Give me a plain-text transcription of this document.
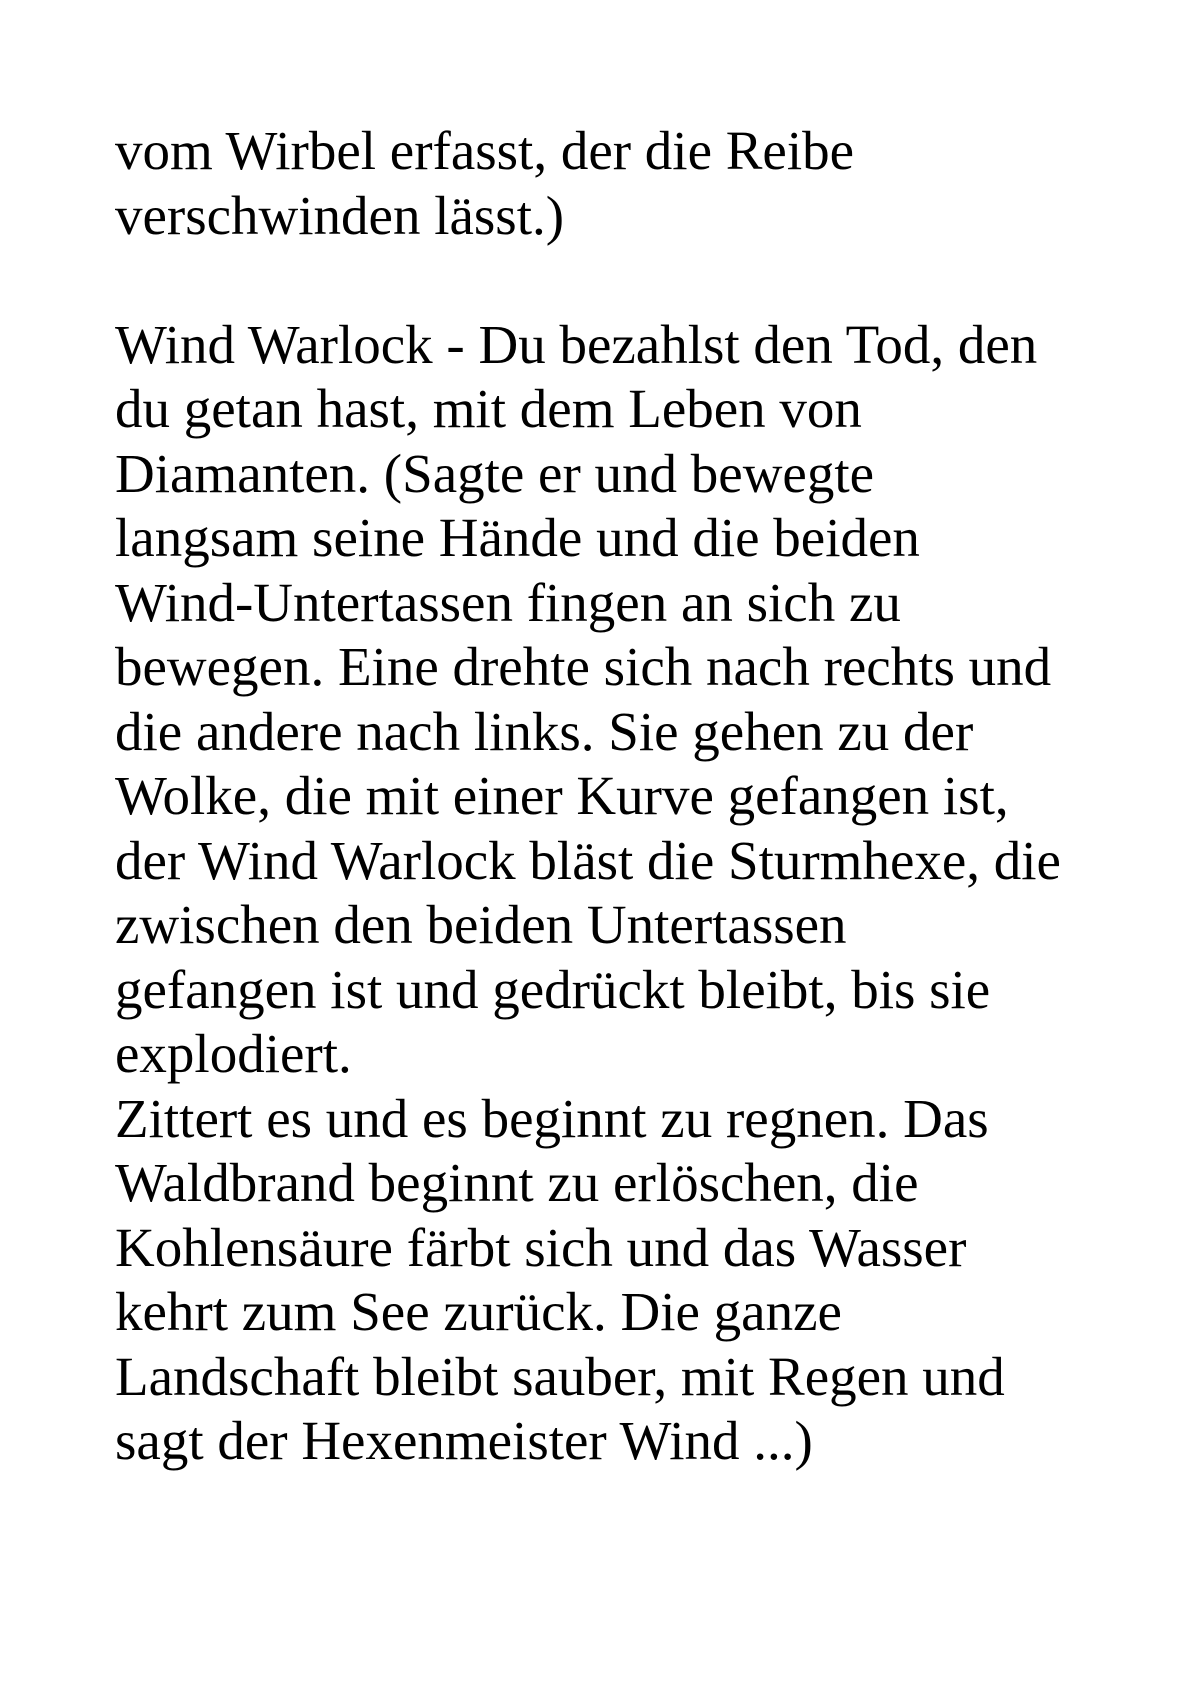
vom Wirbel erfasst, der die Reibe
verschwinden lässt.)
Wind Warlock - Du bezahlst den Tod, den
du getan hast, mit dem Leben von
Diamanten. (Sagte er und bewegte
langsam seine Hände und die beiden
Wind-Untertassen fingen an sich zu
bewegen. Eine drehte sich nach rechts und
die andere nach links. Sie gehen zu der
Wolke, die mit einer Kurve gefangen ist,
der Wind Warlock bläst die Sturmhexe, die
zwischen den beiden Untertassen
gefangen ist und gedrückt bleibt, bis sie
explodiert.
Zittert es und es beginnt zu regnen. Das
Waldbrand beginnt zu erlöschen, die
Kohlensäure färbt sich und das Wasser
kehrt zum See zurück. Die ganze
Landschaft bleibt sauber, mit Regen und
sagt der Hexenmeister Wind ...)
